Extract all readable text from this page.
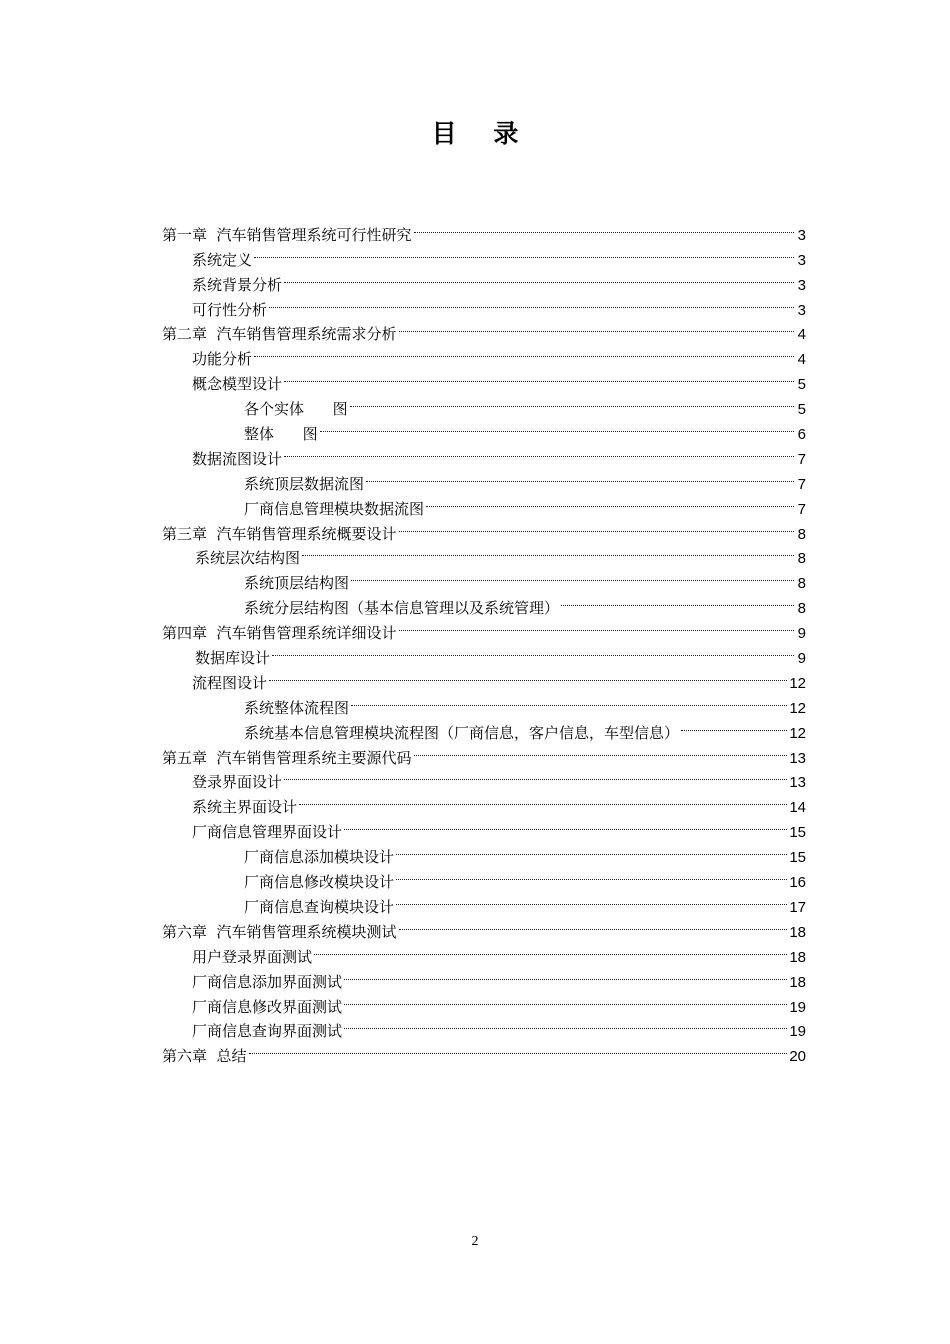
目 录
第一章  汽车销售管理系统可行性研究	3
系统定义	3
系统背景分析	3
可行性分析	3
第二章  汽车销售管理系统需求分析	4
功能分析	4
概念模型设计	5
各个实体      图	5
整体      图	6
数据流图设计	7
系统顶层数据流图	7
厂商信息管理模块数据流图	7
第三章  汽车销售管理系统概要设计	8
系统层次结构图	8
系统顶层结构图	8
系统分层结构图（基本信息管理以及系统管理）	8
第四章  汽车销售管理系统详细设计	9
数据库设计	9
流程图设计	12
系统整体流程图	12
系统基本信息管理模块流程图（厂商信息，客户信息，车型信息）	12
第五章  汽车销售管理系统主要源代码	13
登录界面设计	13
系统主界面设计	14
厂商信息管理界面设计	15
厂商信息添加模块设计	15
厂商信息修改模块设计	16
厂商信息查询模块设计	17
第六章  汽车销售管理系统模块测试	18
用户登录界面测试	18
厂商信息添加界面测试	18
厂商信息修改界面测试	19
厂商信息查询界面测试	19
第六章  总结	20
2
